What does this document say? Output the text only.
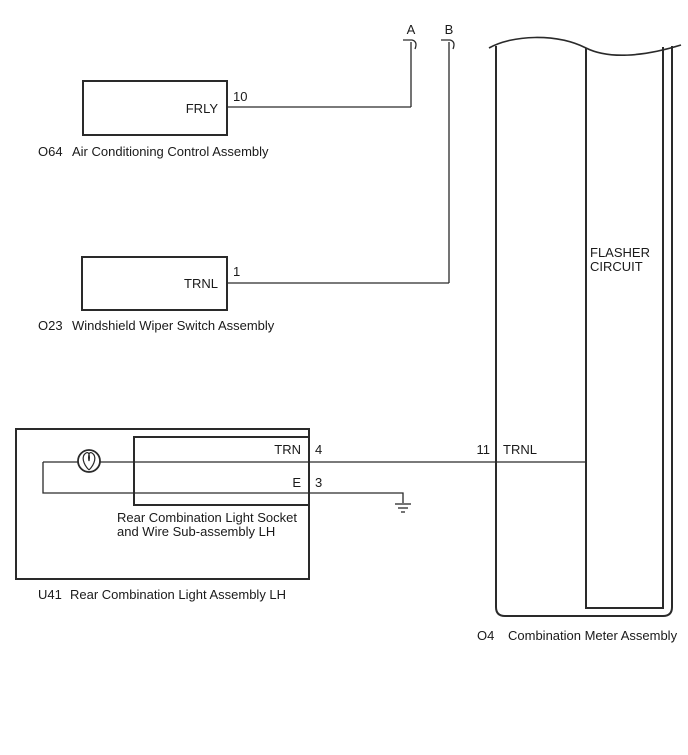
A B
FRLY
10
O64 Air Conditioning Control Assembly
TRNL
1
O23 Windshield Wiper Switch Assembly
TRN 4
E 3
Rear Combination Light Socket
and Wire Sub-assembly LH
U41 Rear Combination Light Assembly LH
FLASHER
CIRCUIT
11 TRNL
O4 Combination Meter Assembly
